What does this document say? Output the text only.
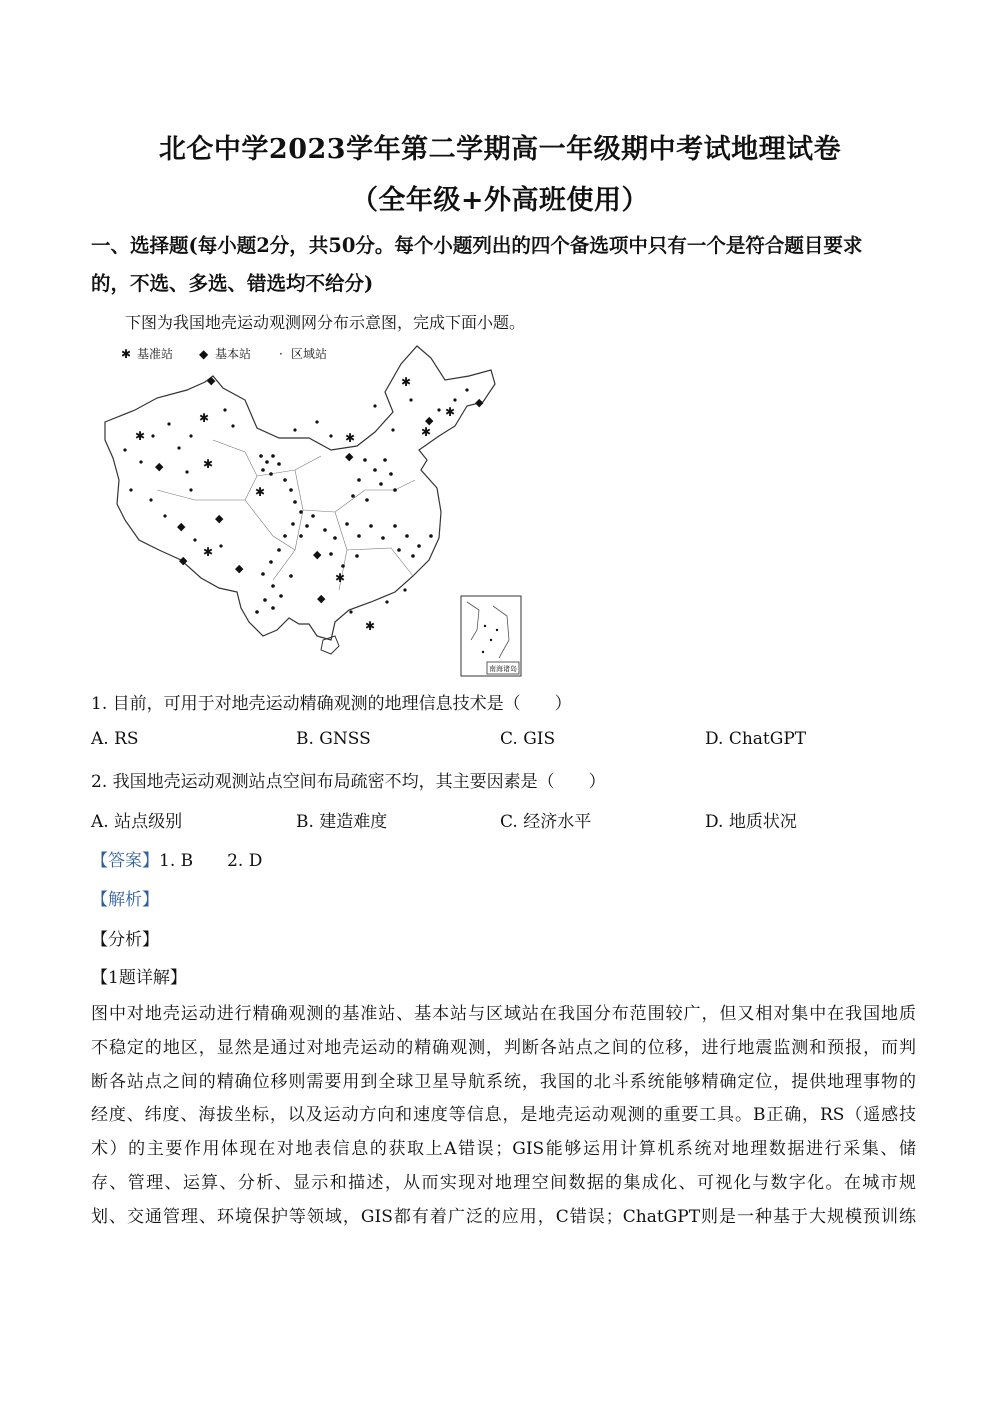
北仑中学2023学年第二学期高一年级期中考试地理试卷
（全年级+外高班使用）
一、选择题(每小题2分，共50分。每个小题列出的四个备选项中只有一个是符合题目要求
的，不选、多选、错选均不给分)
下图为我国地壳运动观测网分布示意图，完成下面小题。
✱ 基准站 ◆ 基本站 · 区域站
✱
✱
✱
✱
✱
✱
✱
✱
✱
✱
✱
◆
◆
◆
◆
◆
◆
◆
◆
◆
◆
◆
南海诸岛
1. 目前，可用于对地壳运动精确观测的地理信息技术是（　　）
A. RS	B. GNSS	C. GIS	D. ChatGPT
2. 我国地壳运动观测站点空间布局疏密不均，其主要因素是（　　）
A. 站点级别	B. 建造难度	C. 经济水平	D. 地质状况
【答案】1. B　　2. D
【解析】
【分析】
【1题详解】
图中对地壳运动进行精确观测的基准站、基本站与区域站在我国分布范围较广，但又相对集中在我国地质
不稳定的地区，显然是通过对地壳运动的精确观测，判断各站点之间的位移，进行地震监测和预报，而判
断各站点之间的精确位移则需要用到全球卫星导航系统，我国的北斗系统能够精确定位，提供地理事物的
经度、纬度、海拔坐标，以及运动方向和速度等信息，是地壳运动观测的重要工具。B正确，RS（遥感技
术）的主要作用体现在对地表信息的获取上A错误；GIS能够运用计算机系统对地理数据进行采集、储
存、管理、运算、分析、显示和描述，从而实现对地理空间数据的集成化、可视化与数字化。在城市规
划、交通管理、环境保护等领域，GIS都有着广泛的应用，C错误；ChatGPT则是一种基于大规模预训练
